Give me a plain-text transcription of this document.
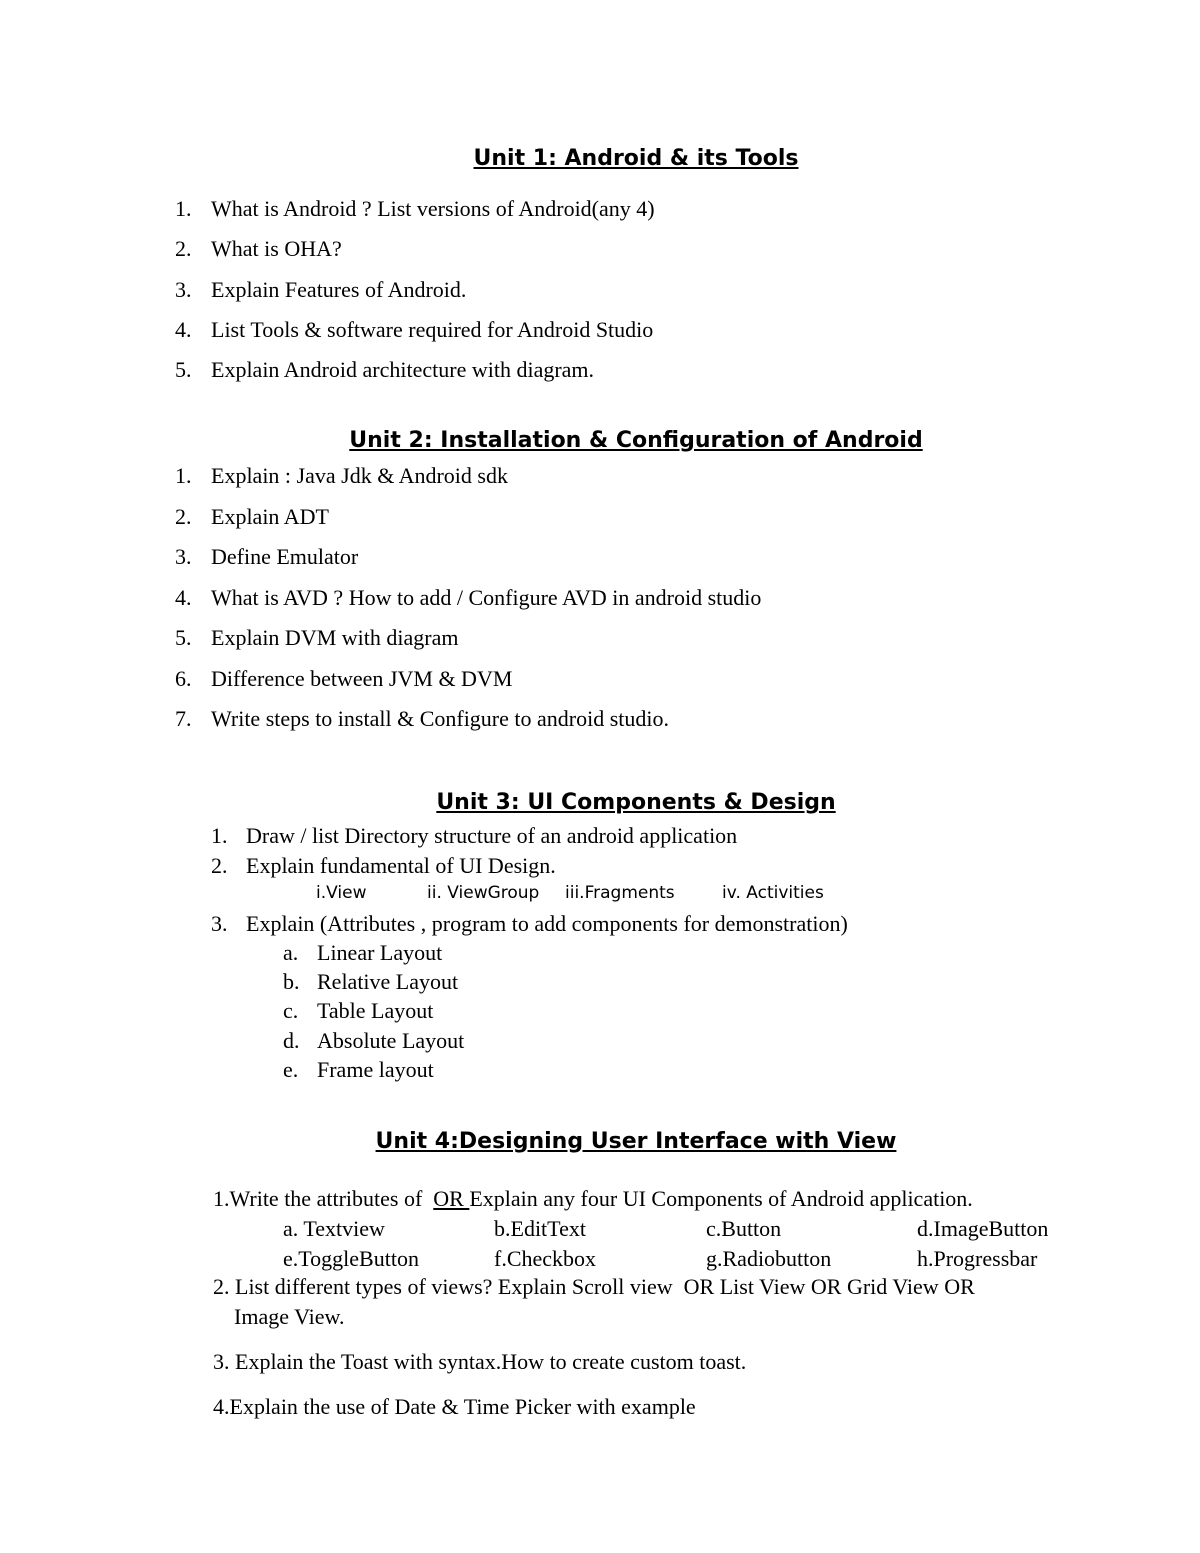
Unit 1: Android & its Tools
1. What is Android ? List versions of Android(any 4)
2. What is OHA?
3. Explain Features of Android.
4. List Tools & software required for Android Studio
5. Explain Android architecture with diagram.
Unit 2: Installation & Configuration of Android
1. Explain : Java Jdk & Android sdk
2. Explain ADT
3. Define Emulator
4. What is AVD ? How to add / Configure AVD in android studio
5. Explain DVM with diagram
6. Difference between JVM & DVM
7. Write steps to install & Configure to android studio.
Unit 3: UI Components & Design
1. Draw / list Directory structure of an android application
2. Explain fundamental of UI Design.
i.View	ii. ViewGroup iii.Fragments	iv. Activities
3. Explain (Attributes , program to add components for demonstration)
a. Linear Layout
b. Relative Layout
c. Table Layout
d. Absolute Layout
e. Frame layout
Unit 4:Designing User Interface with View
1.Write the attributes of  OR Explain any four UI Components of Android application.
a. Textview	b.EditText	c.Button	d.ImageButton
e.ToggleButton	f.Checkbox	g.Radiobutton	h.Progressbar
2. List different types of views? Explain Scroll view  OR List View OR Grid View OR
Image View.
3. Explain the Toast with syntax.How to create custom toast.
4.Explain the use of Date & Time Picker with example
